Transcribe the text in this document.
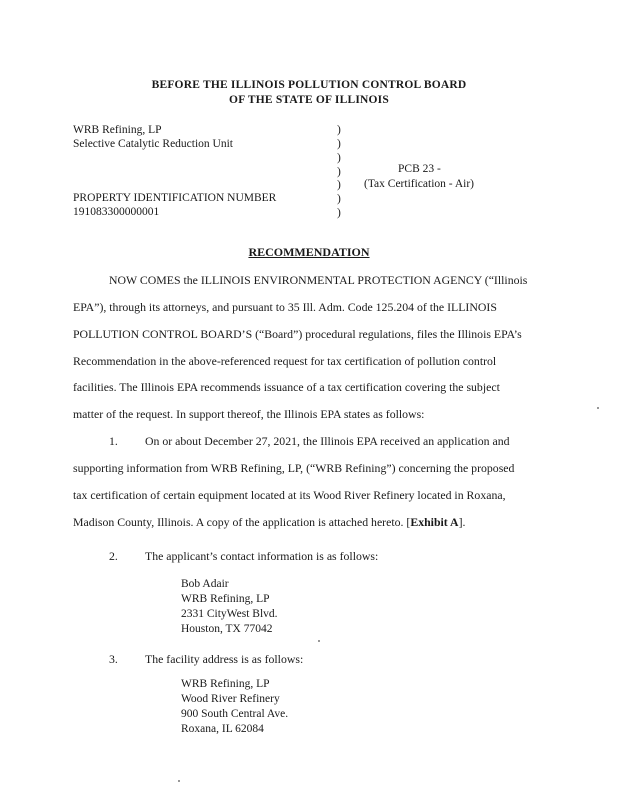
BEFORE THE ILLINOIS POLLUTION CONTROL BOARD
OF THE STATE OF ILLINOIS
WRB Refining, LP
Selective Catalytic Reduction Unit
PROPERTY IDENTIFICATION NUMBER
191083300000001
)
)
)
)
)
)
)
PCB 23 -
(Tax Certification - Air)
RECOMMENDATION
NOW COMES the ILLINOIS ENVIRONMENTAL PROTECTION AGENCY (“Illinois
EPA”), through its attorneys, and pursuant to 35 Ill. Adm. Code 125.204 of the ILLINOIS
POLLUTION CONTROL BOARD’S (“Board”) procedural regulations, files the Illinois EPA’s
Recommendation in the above-referenced request for tax certification of pollution control
facilities. The Illinois EPA recommends issuance of a tax certification covering the subject
matter of the request. In support thereof, the Illinois EPA states as follows:
1. On or about December 27, 2021, the Illinois EPA received an application and
supporting information from WRB Refining, LP, (“WRB Refining”) concerning the proposed
tax certification of certain equipment located at its Wood River Refinery located in Roxana,
Madison County, Illinois. A copy of the application is attached hereto. [Exhibit A].
2. The applicant’s contact information is as follows:
Bob Adair
WRB Refining, LP
2331 CityWest Blvd.
Houston, TX 77042
3. The facility address is as follows:
WRB Refining, LP
Wood River Refinery
900 South Central Ave.
Roxana, IL 62084
